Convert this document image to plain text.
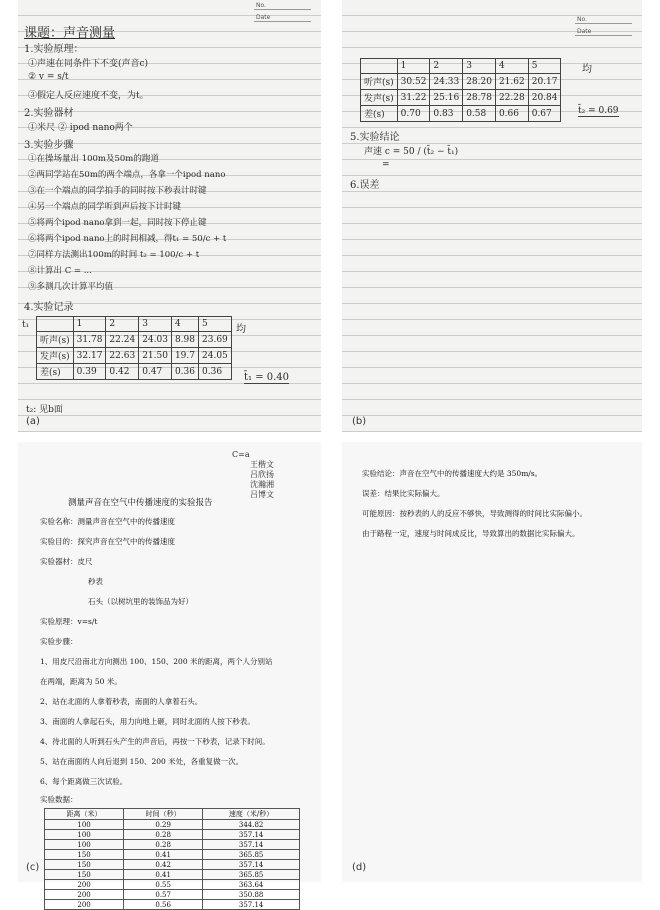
No.
Date
课题：声音测量
1.实验原理：
①声速在同条件下不变(声音c)
② v = s/t
③假定人反应速度不变，为t。
2.实验器材
①米尺 ② ipod nano两个
3.实验步骤
①在操场量出 100m及50m的跑道
②两同学站在50m的两个端点，各拿一个ipod nano
③在一个端点的同学拍手的同时按下秒表计时键
④另一个端点的同学听到声后按下计时键
⑤将两个ipod nano拿到一起，同时按下停止键
⑥将两个ipod nano上的时间相减，得t₁ = 50/c + t
⑦同样方法测出100m的时间 t₂ = 100/c + t
⑧计算出 C = ...
⑨多测几次计算平均值
4.实验记录
t₁
		1	2	3	4	5
听声(s)	31.78	22.24	24.03	8.98	23.69
发声(s)	32.17	22.63	21.50	19.7	24.05
差(s)	0.39	0.42	0.47	0.36	0.36
均
t̄₁ = 0.40
t₂: 见b面
(a)
No.
Date
	1	2	3	4	5
听声(s)	30.52	24.33	28.20	21.62	20.17
发声(s)	31.22	25.16	28.78	22.28	20.84
差(s)	0.70	0.83	0.58	0.66	0.67
均
t̄₂ = 0.69
5.实验结论
声速 c = 50 / (t̄₂ − t̄₁)
=
6.误差
(b)
C=a
王楷文
吕欣扬
沈瀚湘
吕博文
测量声音在空气中传播速度的实验报告
实验名称：测量声音在空气中的传播速度
实验目的：探究声音在空气中的传播速度
实验器材：皮尺
秒表
石头（以树坑里的装饰品为好）
实验原理：v=s/t
实验步骤：
1、用皮尺沿南北方向测出 100、150、200 米的距离，两个人分别站
在两端，距离为 50 米。
2、站在北面的人拿着秒表，南面的人拿着石头。
3、南面的人拿起石头，用力向地上砸，同时北面的人按下秒表。
4、待北面的人听到石头产生的声音后，再按一下秒表，记录下时间。
5、站在南面的人向后退到 150、200 米处，各重复做一次。
6、每个距离做三次试验。
实验数据：
距离（米）	时间（秒）	速度（米/秒）
100	0.29	344.82
100	0.28	357.14
100	0.28	357.14
150	0.41	365.85
150	0.42	357.14
150	0.41	365.85
200	0.55	363.64
200	0.57	350.88
200	0.56	357.14
(c)
实验结论：声音在空气中的传播速度大约是 350m/s。
误差：结果比实际偏大。
可能原因：按秒表的人的反应不够快，导致测得的时间比实际偏小。
由于路程一定，速度与时间成反比，导致算出的数据比实际偏大。
(d)
